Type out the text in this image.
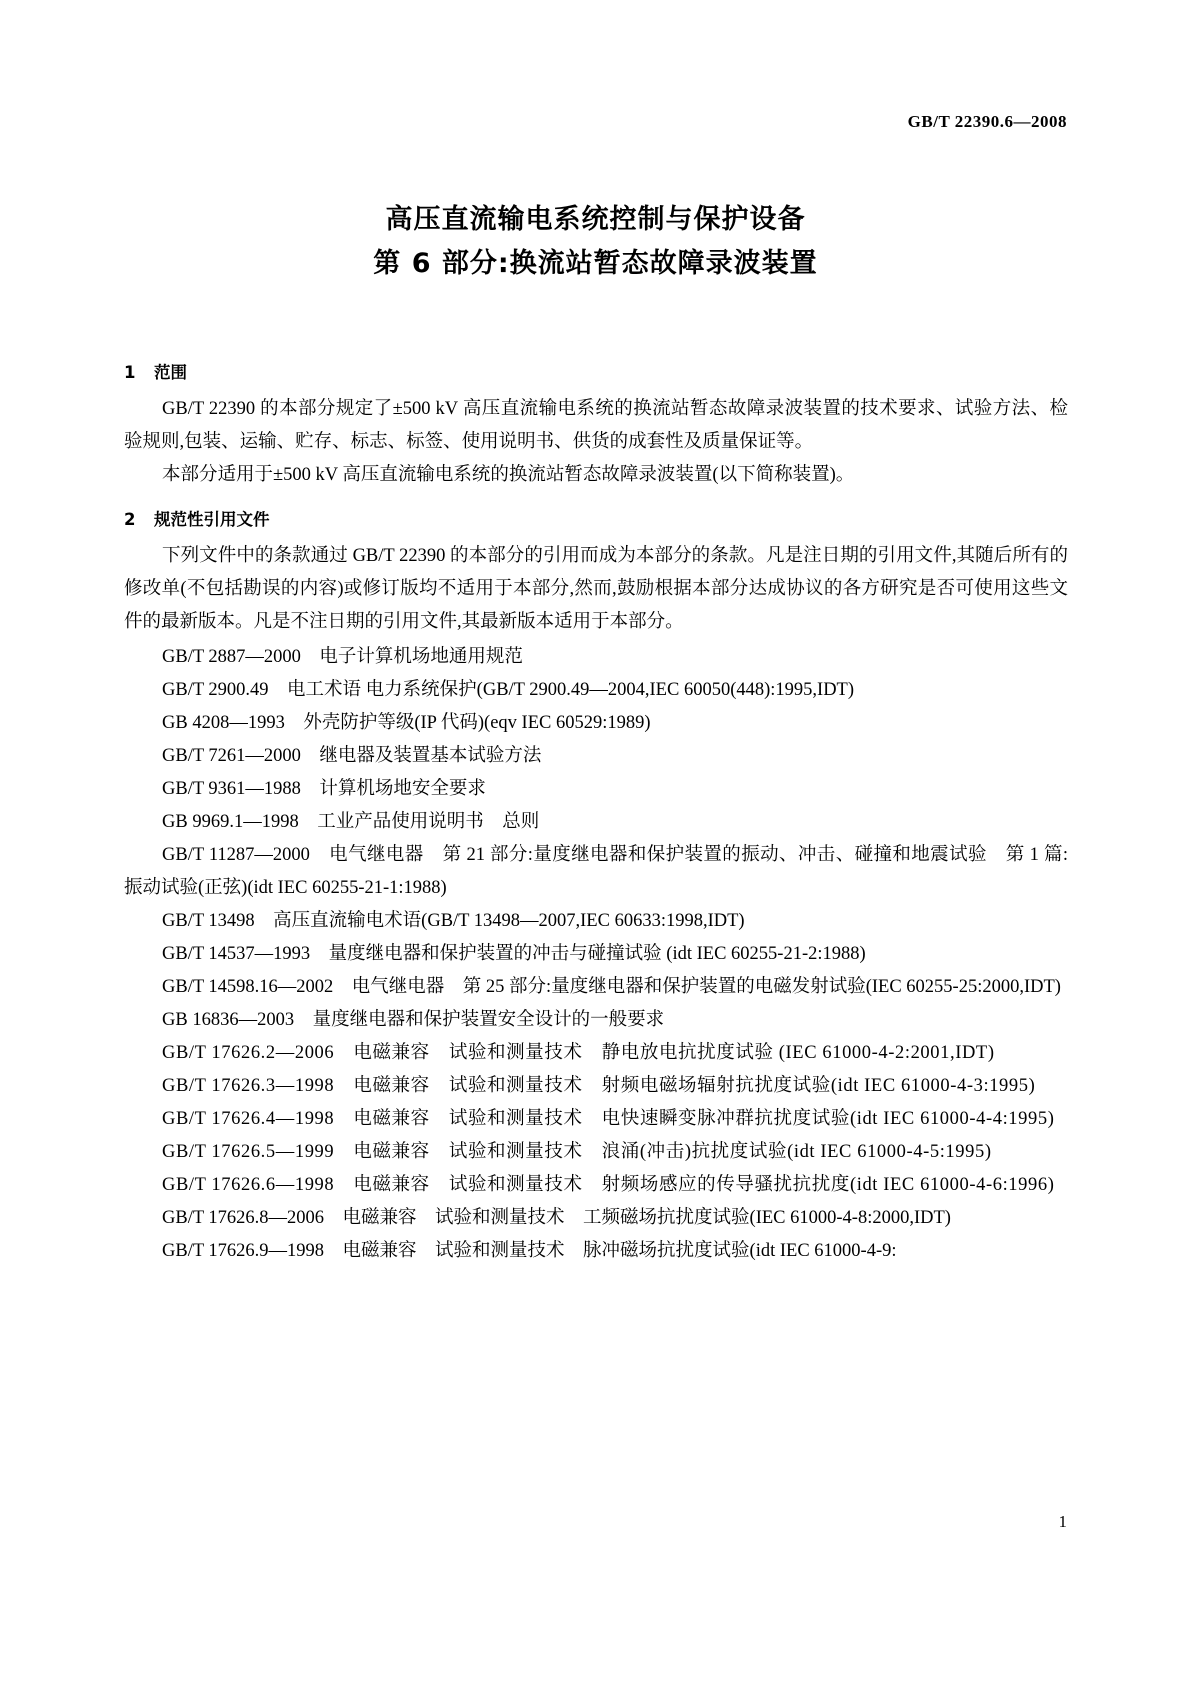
GB/T 22390.6—2008
高压直流输电系统控制与保护设备
第 6 部分:换流站暂态故障录波装置
1 范围

GB/T 22390 的本部分规定了±500 kV 高压直流输电系统的换流站暂态故障录波装置的技术要求、试验方法、检验规则,包装、运输、贮存、标志、标签、使用说明书、供货的成套性及质量保证等。

本部分适用于±500 kV 高压直流输电系统的换流站暂态故障录波装置(以下简称装置)。

2 规范性引用文件

下列文件中的条款通过 GB/T 22390 的本部分的引用而成为本部分的条款。凡是注日期的引用文件,其随后所有的修改单(不包括勘误的内容)或修订版均不适用于本部分,然而,鼓励根据本部分达成协议的各方研究是否可使用这些文件的最新版本。凡是不注日期的引用文件,其最新版本适用于本部分。

GB/T 2887—2000　电子计算机场地通用规范

GB/T 2900.49　电工术语 电力系统保护(GB/T 2900.49—2004,IEC 60050(448):1995,IDT)

GB 4208—1993　外壳防护等级(IP 代码)(eqv IEC 60529:1989)

GB/T 7261—2000　继电器及装置基本试验方法

GB/T 9361—1988　计算机场地安全要求

GB 9969.1—1998　工业产品使用说明书　总则

GB/T 11287—2000　电气继电器　第 21 部分:量度继电器和保护装置的振动、冲击、碰撞和地震试验　第 1 篇:振动试验(正弦)(idt IEC 60255-21-1:1988)

GB/T 13498　高压直流输电术语(GB/T 13498—2007,IEC 60633:1998,IDT)

GB/T 14537—1993　量度继电器和保护装置的冲击与碰撞试验 (idt IEC 60255-21-2:1988)

GB/T 14598.16—2002　电气继电器　第 25 部分:量度继电器和保护装置的电磁发射试验(IEC 60255-25:2000,IDT)

GB 16836—2003　量度继电器和保护装置安全设计的一般要求

GB/T 17626.2—2006　电磁兼容　试验和测量技术　静电放电抗扰度试验 (IEC 61000-4-2:2001,IDT)

GB/T 17626.3—1998　电磁兼容　试验和测量技术　射频电磁场辐射抗扰度试验(idt IEC 61000-4-3:1995)

GB/T 17626.4—1998　电磁兼容　试验和测量技术　电快速瞬变脉冲群抗扰度试验(idt IEC 61000-4-4:1995)

GB/T 17626.5—1999　电磁兼容　试验和测量技术　浪涌(冲击)抗扰度试验(idt IEC 61000-4-5:1995)

GB/T 17626.6—1998　电磁兼容　试验和测量技术　射频场感应的传导骚扰抗扰度(idt IEC 61000-4-6:1996)

GB/T 17626.8—2006　电磁兼容　试验和测量技术　工频磁场抗扰度试验(IEC 61000-4-8:2000,IDT)

GB/T 17626.9—1998　电磁兼容　试验和测量技术　脉冲磁场抗扰度试验(idt IEC 61000-4-9:

1
